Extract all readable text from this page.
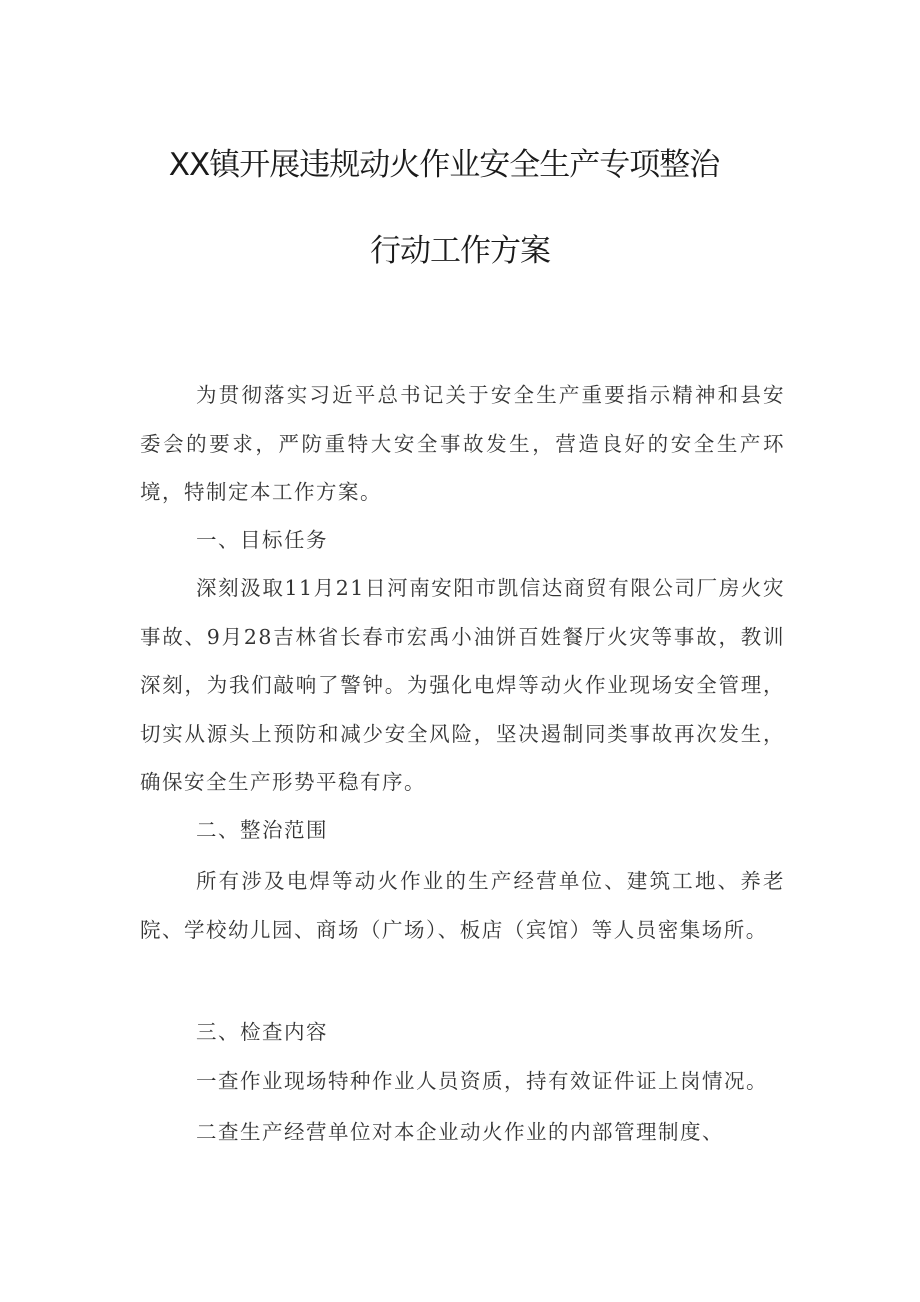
XX镇开展违规动火作业安全生产专项整治
行动工作方案

为贯彻落实习近平总书记关于安全生产重要指示精神和县安委会的要求，严防重特大安全事故发生，营造良好的安全生产环境，特制定本工作方案。

一、目标任务

深刻汲取11月21日河南安阳市凯信达商贸有限公司厂房火灾事故、9月28吉林省长春市宏禹小油饼百姓餐厅火灾等事故，教训深刻，为我们敲响了警钟。为强化电焊等动火作业现场安全管理，切实从源头上预防和减少安全风险，坚决遏制同类事故再次发生，确保安全生产形势平稳有序。

二、整治范围

所有涉及电焊等动火作业的生产经营单位、建筑工地、养老院、学校幼儿园、商场（广场）、板店（宾馆）等人员密集场所。

三、检查内容

一查作业现场特种作业人员资质，持有效证件证上岗情况。

二查生产经营单位对本企业动火作业的内部管理制度、
